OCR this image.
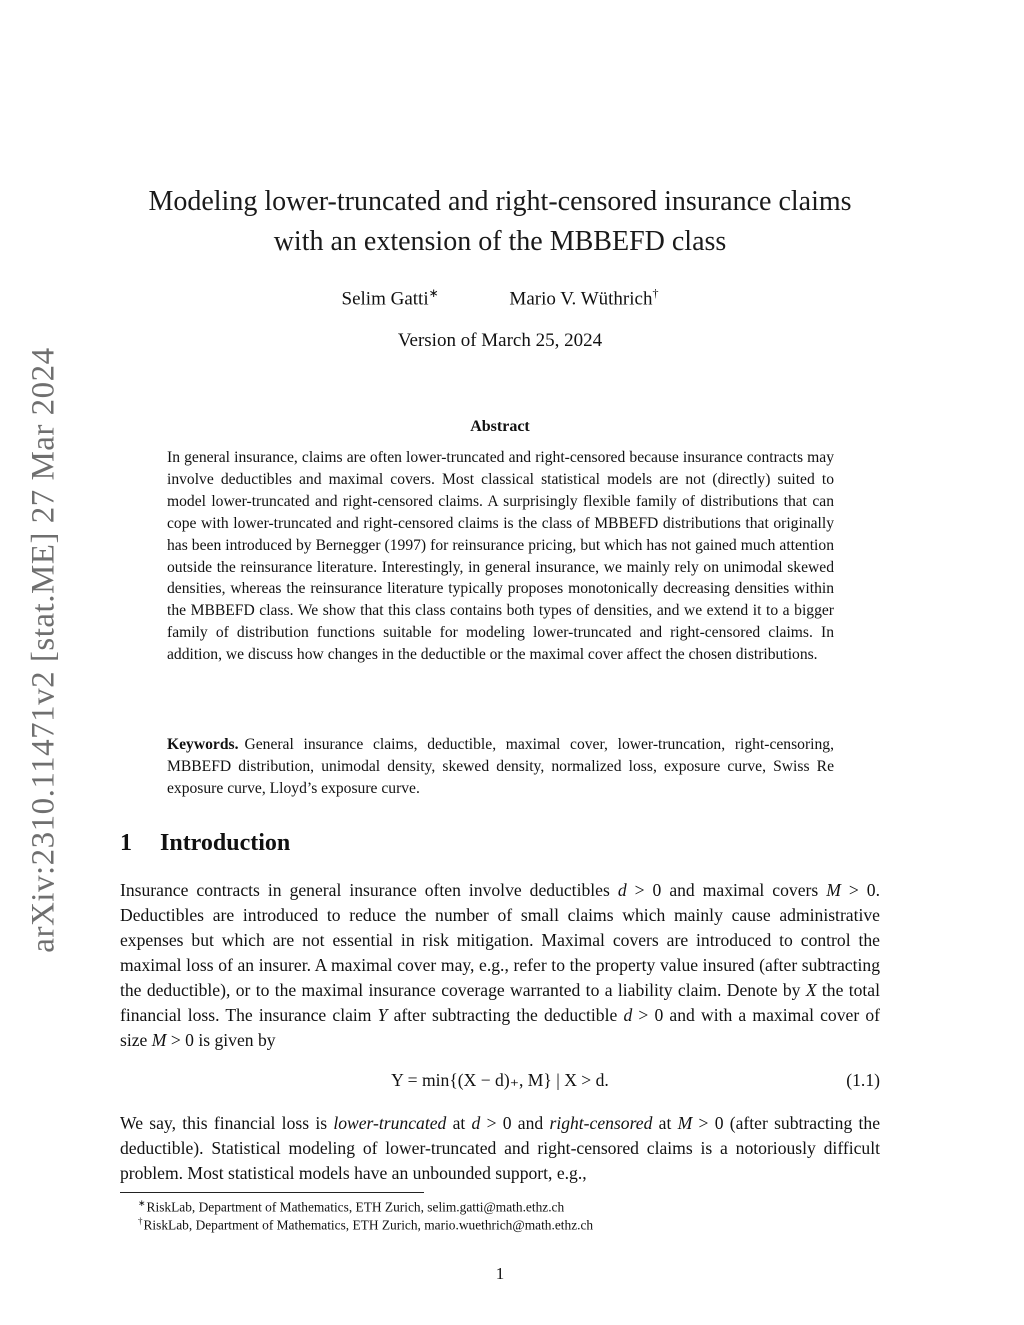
arXiv:2310.11471v2 [stat.ME] 27 Mar 2024
Modeling lower-truncated and right-censored insurance claims
with an extension of the MBBEFD class
Selim Gatti∗	Mario V. Wüthrich†
Version of March 25, 2024
Abstract
In general insurance, claims are often lower-truncated and right-censored because insurance contracts may involve deductibles and maximal covers. Most classical statistical models are not (directly) suited to model lower-truncated and right-censored claims. A surprisingly flexible family of distributions that can cope with lower-truncated and right-censored claims is the class of MBBEFD distributions that originally has been introduced by Bernegger (1997) for reinsurance pricing, but which has not gained much attention outside the reinsurance literature. Interestingly, in general insurance, we mainly rely on unimodal skewed densities, whereas the reinsurance literature typically proposes monotonically decreasing densities within the MBBEFD class. We show that this class contains both types of densities, and we extend it to a bigger family of distribution functions suitable for modeling lower-truncated and right-censored claims. In addition, we discuss how changes in the deductible or the maximal cover affect the chosen distributions.
Keywords. General insurance claims, deductible, maximal cover, lower-truncation, right-censoring, MBBEFD distribution, unimodal density, skewed density, normalized loss, exposure curve, Swiss Re exposure curve, Lloyd’s exposure curve.
1 Introduction
Insurance contracts in general insurance often involve deductibles d > 0 and maximal covers M > 0. Deductibles are introduced to reduce the number of small claims which mainly cause administrative expenses but which are not essential in risk mitigation. Maximal covers are introduced to control the maximal loss of an insurer. A maximal cover may, e.g., refer to the property value insured (after subtracting the deductible), or to the maximal insurance coverage warranted to a liability claim. Denote by X the total financial loss. The insurance claim Y after subtracting the deductible d > 0 and with a maximal cover of size M > 0 is given by
Y = min{(X − d)₊, M} | X > d.	(1.1)
We say, this financial loss is lower-truncated at d > 0 and right-censored at M > 0 (after subtracting the deductible). Statistical modeling of lower-truncated and right-censored claims is a notoriously difficult problem. Most statistical models have an unbounded support, e.g.,
∗RiskLab, Department of Mathematics, ETH Zurich, selim.gatti@math.ethz.ch
†RiskLab, Department of Mathematics, ETH Zurich, mario.wuethrich@math.ethz.ch
1
